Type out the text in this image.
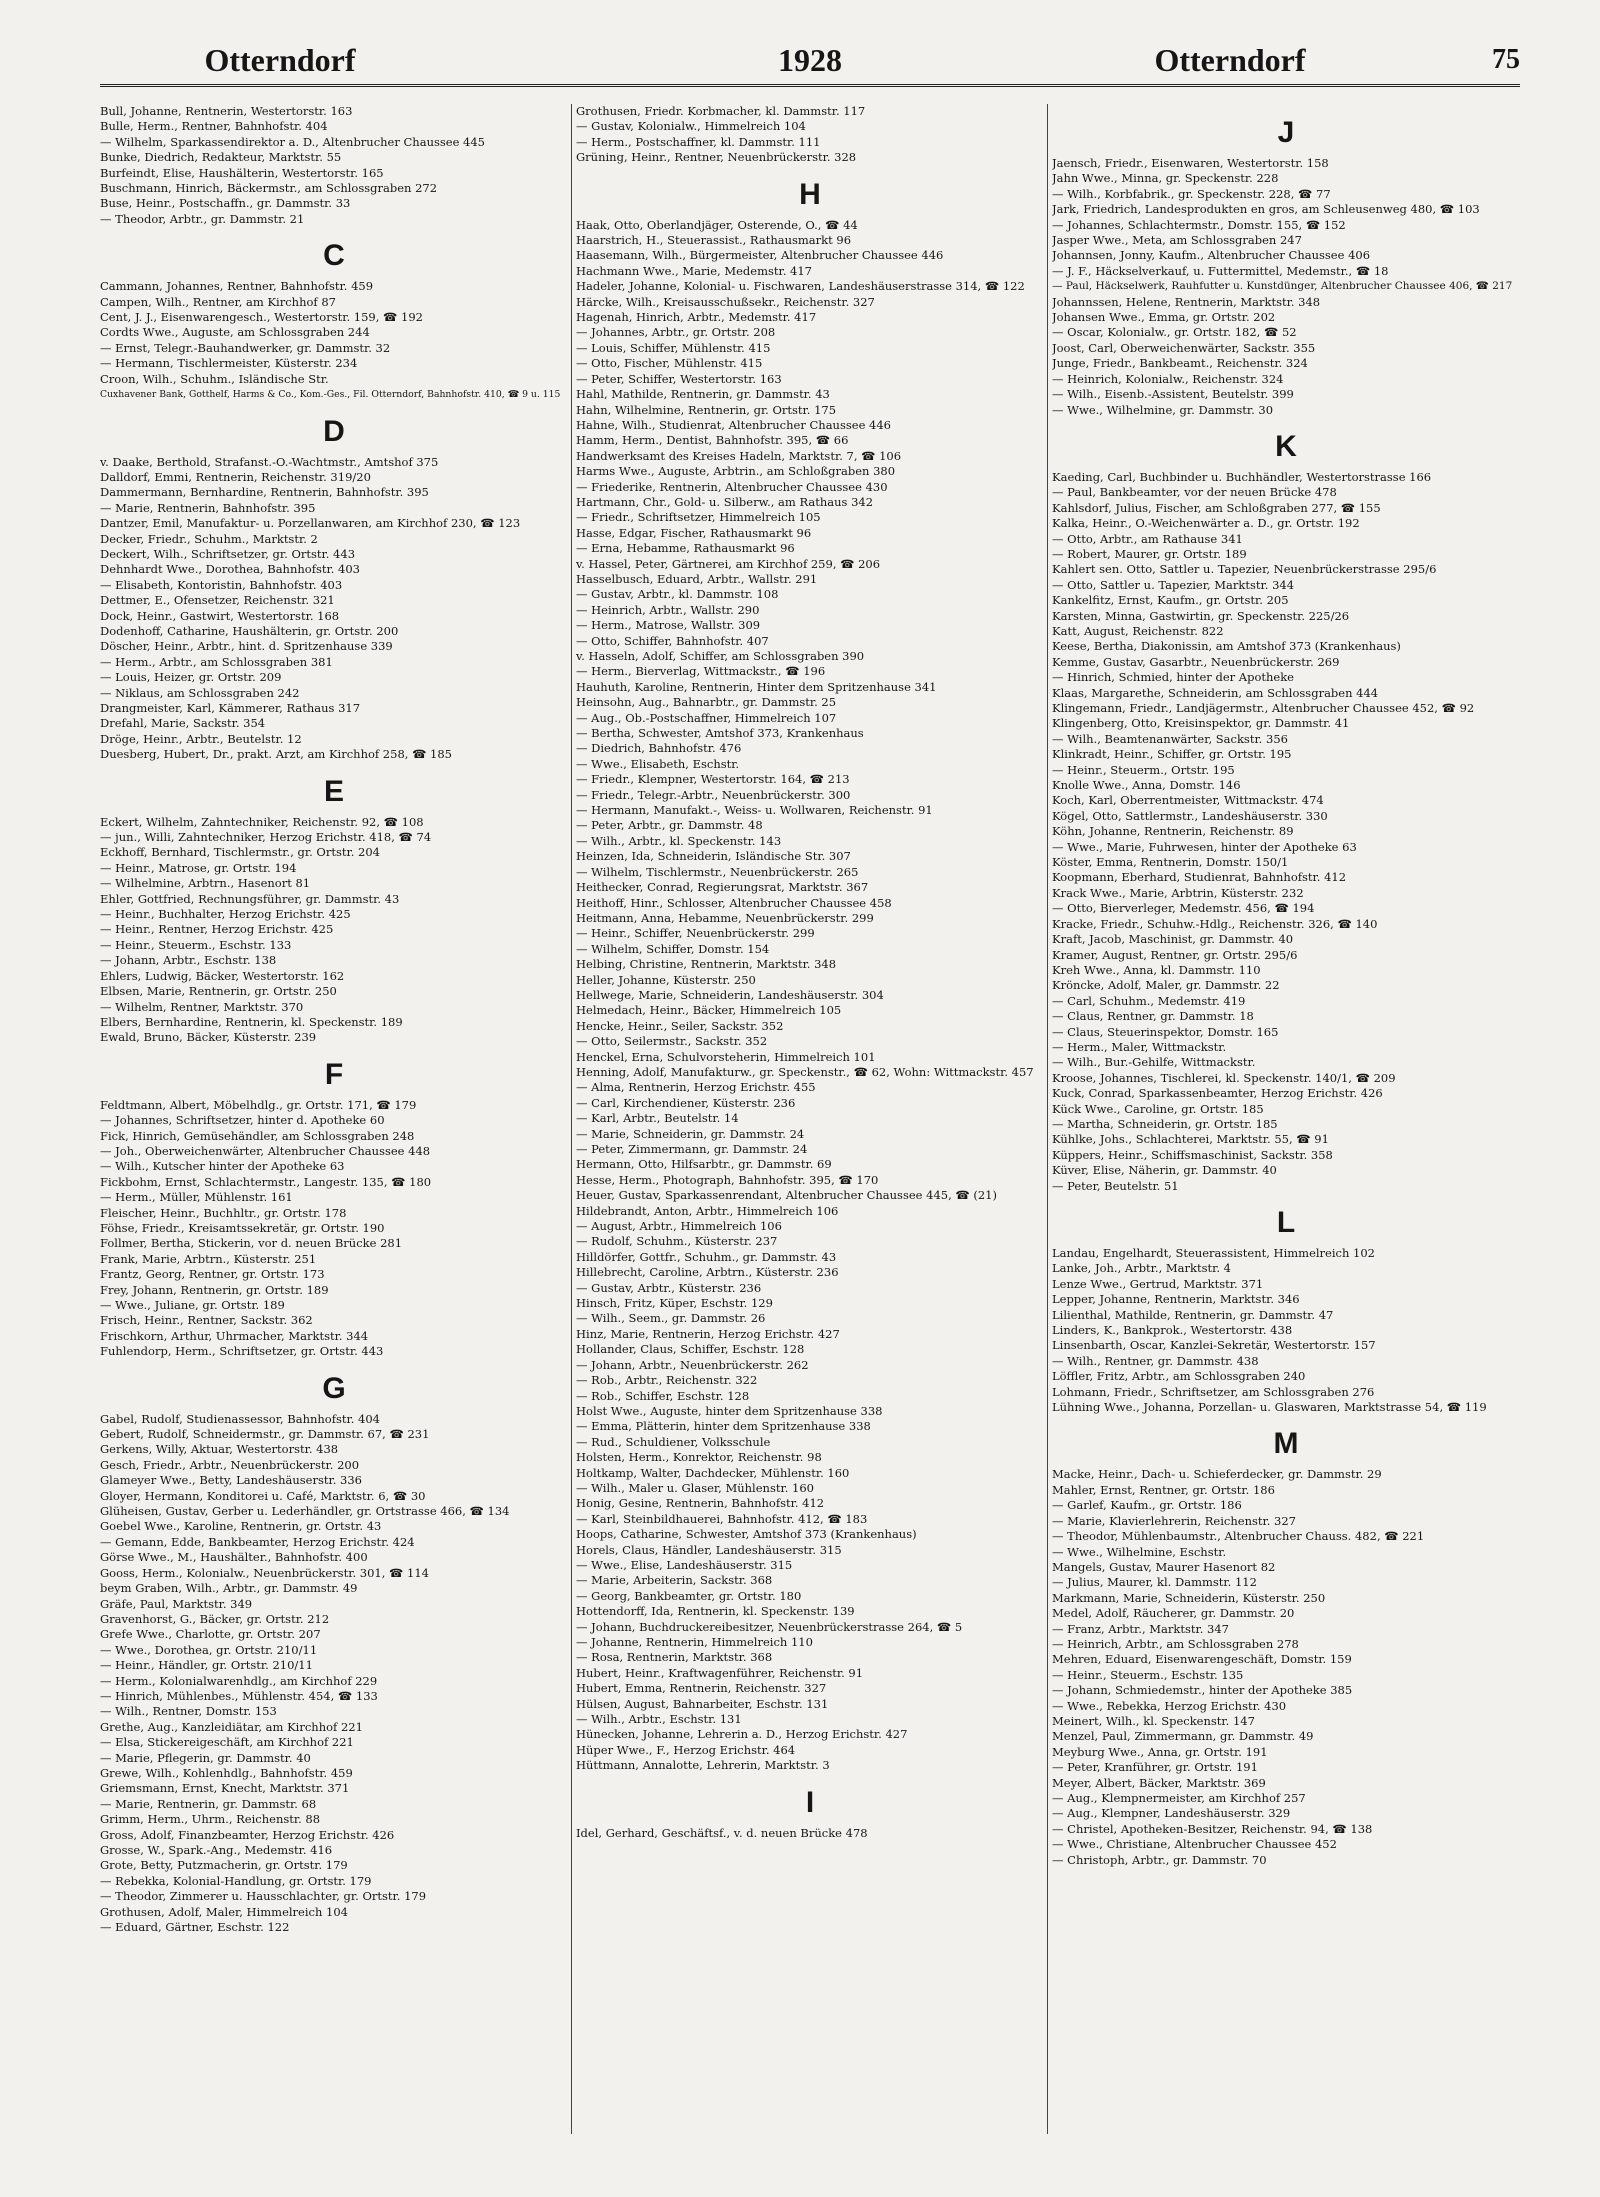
Otterndorf	1928	Otterndorf	75
Bull, Johanne, Rentnerin, Westertorstr. 163
Bulle, Herm., Rentner, Bahnhofstr. 404
— Wilhelm, Sparkassendirektor a. D., Altenbrucher Chaussee 445
Bunke, Diedrich, Redakteur, Marktstr. 55
Burfeindt, Elise, Haushälterin, Westertorstr. 165
Buschmann, Hinrich, Bäckermstr., am Schlossgraben 272
Buse, Heinr., Postschaffn., gr. Dammstr. 33
— Theodor, Arbtr., gr. Dammstr. 21
C
Cammann, Johannes, Rentner, Bahnhofstr. 459
Campen, Wilh., Rentner, am Kirchhof 87
Cent, J. J., Eisenwarengesch., Westertorstr. 159, ☎ 192
Cordts Wwe., Auguste, am Schlossgraben 244
— Ernst, Telegr.-Bauhandwerker, gr. Dammstr. 32
— Hermann, Tischlermeister, Küsterstr. 234
Croon, Wilh., Schuhm., Isländische Str.
Cuxhavener Bank, Gotthelf, Harms & Co., Kom.-Ges., Fil. Otterndorf, Bahnhofstr. 410, ☎ 9 u. 115
D
v. Daake, Berthold, Strafanst.-O.-Wachtmstr., Amtshof 375
Dalldorf, Emmi, Rentnerin, Reichenstr. 319/20
Dammermann, Bernhardine, Rentnerin, Bahnhofstr. 395
— Marie, Rentnerin, Bahnhofstr. 395
Dantzer, Emil, Manufaktur- u. Porzellanwaren, am Kirchhof 230, ☎ 123
Decker, Friedr., Schuhm., Marktstr. 2
Deckert, Wilh., Schriftsetzer, gr. Ortstr. 443
Dehnhardt Wwe., Dorothea, Bahnhofstr. 403
— Elisabeth, Kontoristin, Bahnhofstr. 403
Dettmer, E., Ofensetzer, Reichenstr. 321
Dock, Heinr., Gastwirt, Westertorstr. 168
Dodenhoff, Catharine, Haushälterin, gr. Ortstr. 200
Döscher, Heinr., Arbtr., hint. d. Spritzenhause 339
— Herm., Arbtr., am Schlossgraben 381
— Louis, Heizer, gr. Ortstr. 209
— Niklaus, am Schlossgraben 242
Drangmeister, Karl, Kämmerer, Rathaus 317
Drefahl, Marie, Sackstr. 354
Dröge, Heinr., Arbtr., Beutelstr. 12
Duesberg, Hubert, Dr., prakt. Arzt, am Kirchhof 258, ☎ 185
E
Eckert, Wilhelm, Zahntechniker, Reichenstr. 92, ☎ 108
— jun., Willi, Zahntechniker, Herzog Erichstr. 418, ☎ 74
Eckhoff, Bernhard, Tischlermstr., gr. Ortstr. 204
— Heinr., Matrose, gr. Ortstr. 194
— Wilhelmine, Arbtrn., Hasenort 81
Ehler, Gottfried, Rechnungsführer, gr. Dammstr. 43
— Heinr., Buchhalter, Herzog Erichstr. 425
— Heinr., Rentner, Herzog Erichstr. 425
— Heinr., Steuerm., Eschstr. 133
— Johann, Arbtr., Eschstr. 138
Ehlers, Ludwig, Bäcker, Westertorstr. 162
Elbsen, Marie, Rentnerin, gr. Ortstr. 250
— Wilhelm, Rentner, Marktstr. 370
Elbers, Bernhardine, Rentnerin, kl. Speckenstr. 189
Ewald, Bruno, Bäcker, Küsterstr. 239
F
Feldtmann, Albert, Möbelhdlg., gr. Ortstr. 171, ☎ 179
— Johannes, Schriftsetzer, hinter d. Apotheke 60
Fick, Hinrich, Gemüsehändler, am Schlossgraben 248
— Joh., Oberweichenwärter, Altenbrucher Chaussee 448
— Wilh., Kutscher hinter der Apotheke 63
Fickbohm, Ernst, Schlachtermstr., Langestr. 135, ☎ 180
— Herm., Müller, Mühlenstr. 161
Fleischer, Heinr., Buchhltr., gr. Ortstr. 178
Föhse, Friedr., Kreisamtssekretär, gr. Ortstr. 190
Follmer, Bertha, Stickerin, vor d. neuen Brücke 281
Frank, Marie, Arbtrn., Küsterstr. 251
Frantz, Georg, Rentner, gr. Ortstr. 173
Frey, Johann, Rentnerin, gr. Ortstr. 189
— Wwe., Juliane, gr. Ortstr. 189
Frisch, Heinr., Rentner, Sackstr. 362
Frischkorn, Arthur, Uhrmacher, Marktstr. 344
Fuhlendorp, Herm., Schriftsetzer, gr. Ortstr. 443
G
Gabel, Rudolf, Studienassessor, Bahnhofstr. 404
Gebert, Rudolf, Schneidermstr., gr. Dammstr. 67, ☎ 231
Gerkens, Willy, Aktuar, Westertorstr. 438
Gesch, Friedr., Arbtr., Neuenbrückerstr. 200
Glameyer Wwe., Betty, Landeshäuserstr. 336
Gloyer, Hermann, Konditorei u. Café, Marktstr. 6, ☎ 30
Glüheisen, Gustav, Gerber u. Lederhändler, gr. Ortstrasse 466, ☎ 134
Goebel Wwe., Karoline, Rentnerin, gr. Ortstr. 43
— Gemann, Edde, Bankbeamter, Herzog Erichstr. 424
Görse Wwe., M., Haushälter., Bahnhofstr. 400
Gooss, Herm., Kolonialw., Neuenbrückerstr. 301, ☎ 114
beym Graben, Wilh., Arbtr., gr. Dammstr. 49
Gräfe, Paul, Marktstr. 349
Gravenhorst, G., Bäcker, gr. Ortstr. 212
Grefe Wwe., Charlotte, gr. Ortstr. 207
— Wwe., Dorothea, gr. Ortstr. 210/11
— Heinr., Händler, gr. Ortstr. 210/11
— Herm., Kolonialwarenhdlg., am Kirchhof 229
— Hinrich, Mühlenbes., Mühlenstr. 454, ☎ 133
— Wilh., Rentner, Domstr. 153
Grethe, Aug., Kanzleidiätar, am Kirchhof 221
— Elsa, Stickereigeschäft, am Kirchhof 221
— Marie, Pflegerin, gr. Dammstr. 40
Grewe, Wilh., Kohlenhdlg., Bahnhofstr. 459
Griemsmann, Ernst, Knecht, Marktstr. 371
— Marie, Rentnerin, gr. Dammstr. 68
Grimm, Herm., Uhrm., Reichenstr. 88
Gross, Adolf, Finanzbeamter, Herzog Erichstr. 426
Grosse, W., Spark.-Ang., Medemstr. 416
Grote, Betty, Putzmacherin, gr. Ortstr. 179
— Rebekka, Kolonial-Handlung, gr. Ortstr. 179
— Theodor, Zimmerer u. Hausschlachter, gr. Ortstr. 179
Grothusen, Adolf, Maler, Himmelreich 104
— Eduard, Gärtner, Eschstr. 122
Grothusen, Friedr. Korbmacher, kl. Dammstr. 117
— Gustav, Kolonialw., Himmelreich 104
— Herm., Postschaffner, kl. Dammstr. 111
Grüning, Heinr., Rentner, Neuenbrückerstr. 328
H
Haak, Otto, Oberlandjäger, Osterende, O., ☎ 44
Haarstrich, H., Steuerassist., Rathausmarkt 96
Haasemann, Wilh., Bürgermeister, Altenbrucher Chaussee 446
Hachmann Wwe., Marie, Medemstr. 417
Hadeler, Johanne, Kolonial- u. Fischwaren, Landeshäuserstrasse 314, ☎ 122
Härcke, Wilh., Kreisausschußsekr., Reichenstr. 327
Hagenah, Hinrich, Arbtr., Medemstr. 417
— Johannes, Arbtr., gr. Ortstr. 208
— Louis, Schiffer, Mühlenstr. 415
— Otto, Fischer, Mühlenstr. 415
— Peter, Schiffer, Westertorstr. 163
Hahl, Mathilde, Rentnerin, gr. Dammstr. 43
Hahn, Wilhelmine, Rentnerin, gr. Ortstr. 175
Hahne, Wilh., Studienrat, Altenbrucher Chaussee 446
Hamm, Herm., Dentist, Bahnhofstr. 395, ☎ 66
Handwerksamt des Kreises Hadeln, Marktstr. 7, ☎ 106
Harms Wwe., Auguste, Arbtrin., am Schloßgraben 380
— Friederike, Rentnerin, Altenbrucher Chaussee 430
Hartmann, Chr., Gold- u. Silberw., am Rathaus 342
— Friedr., Schriftsetzer, Himmelreich 105
Hasse, Edgar, Fischer, Rathausmarkt 96
— Erna, Hebamme, Rathausmarkt 96
v. Hassel, Peter, Gärtnerei, am Kirchhof 259, ☎ 206
Hasselbusch, Eduard, Arbtr., Wallstr. 291
— Gustav, Arbtr., kl. Dammstr. 108
— Heinrich, Arbtr., Wallstr. 290
— Herm., Matrose, Wallstr. 309
— Otto, Schiffer, Bahnhofstr. 407
v. Hasseln, Adolf, Schiffer, am Schlossgraben 390
— Herm., Bierverlag, Wittmackstr., ☎ 196
Hauhuth, Karoline, Rentnerin, Hinter dem Spritzenhause 341
Heinsohn, Aug., Bahnarbtr., gr. Dammstr. 25
— Aug., Ob.-Postschaffner, Himmelreich 107
— Bertha, Schwester, Amtshof 373, Krankenhaus
— Diedrich, Bahnhofstr. 476
— Wwe., Elisabeth, Eschstr.
— Friedr., Klempner, Westertorstr. 164, ☎ 213
— Friedr., Telegr.-Arbtr., Neuenbrückerstr. 300
— Hermann, Manufakt.-, Weiss- u. Wollwaren, Reichenstr. 91
— Peter, Arbtr., gr. Dammstr. 48
— Wilh., Arbtr., kl. Speckenstr. 143
Heinzen, Ida, Schneiderin, Isländische Str. 307
— Wilhelm, Tischlermstr., Neuenbrückerstr. 265
Heithecker, Conrad, Regierungsrat, Marktstr. 367
Heithoff, Hinr., Schlosser, Altenbrucher Chaussee 458
Heitmann, Anna, Hebamme, Neuenbrückerstr. 299
— Heinr., Schiffer, Neuenbrückerstr. 299
— Wilhelm, Schiffer, Domstr. 154
Helbing, Christine, Rentnerin, Marktstr. 348
Heller, Johanne, Küsterstr. 250
Hellwege, Marie, Schneiderin, Landeshäuserstr. 304
Helmedach, Heinr., Bäcker, Himmelreich 105
Hencke, Heinr., Seiler, Sackstr. 352
— Otto, Seilermstr., Sackstr. 352
Henckel, Erna, Schulvorsteherin, Himmelreich 101
Henning, Adolf, Manufakturw., gr. Speckenstr., ☎ 62, Wohn: Wittmackstr. 457
— Alma, Rentnerin, Herzog Erichstr. 455
— Carl, Kirchendiener, Küsterstr. 236
— Karl, Arbtr., Beutelstr. 14
— Marie, Schneiderin, gr. Dammstr. 24
— Peter, Zimmermann, gr. Dammstr. 24
Hermann, Otto, Hilfsarbtr., gr. Dammstr. 69
Hesse, Herm., Photograph, Bahnhofstr. 395, ☎ 170
Heuer, Gustav, Sparkassenrendant, Altenbrucher Chaussee 445, ☎ (21)
Hildebrandt, Anton, Arbtr., Himmelreich 106
— August, Arbtr., Himmelreich 106
— Rudolf, Schuhm., Küsterstr. 237
Hilldörfer, Gottfr., Schuhm., gr. Dammstr. 43
Hillebrecht, Caroline, Arbtrn., Küsterstr. 236
— Gustav, Arbtr., Küsterstr. 236
Hinsch, Fritz, Küper, Eschstr. 129
— Wilh., Seem., gr. Dammstr. 26
Hinz, Marie, Rentnerin, Herzog Erichstr. 427
Hollander, Claus, Schiffer, Eschstr. 128
— Johann, Arbtr., Neuenbrückerstr. 262
— Rob., Arbtr., Reichenstr. 322
— Rob., Schiffer, Eschstr. 128
Holst Wwe., Auguste, hinter dem Spritzenhause 338
— Emma, Plätterin, hinter dem Spritzenhause 338
— Rud., Schuldiener, Volksschule
Holsten, Herm., Konrektor, Reichenstr. 98
Holtkamp, Walter, Dachdecker, Mühlenstr. 160
— Wilh., Maler u. Glaser, Mühlenstr. 160
Honig, Gesine, Rentnerin, Bahnhofstr. 412
— Karl, Steinbildhauerei, Bahnhofstr. 412, ☎ 183
Hoops, Catharine, Schwester, Amtshof 373 (Krankenhaus)
Horels, Claus, Händler, Landeshäuserstr. 315
— Wwe., Elise, Landeshäuserstr. 315
— Marie, Arbeiterin, Sackstr. 368
— Georg, Bankbeamter, gr. Ortstr. 180
Hottendorff, Ida, Rentnerin, kl. Speckenstr. 139
— Johann, Buchdruckereibesitzer, Neuenbrückerstrasse 264, ☎ 5
— Johanne, Rentnerin, Himmelreich 110
— Rosa, Rentnerin, Marktstr. 368
Hubert, Heinr., Kraftwagenführer, Reichenstr. 91
Hubert, Emma, Rentnerin, Reichenstr. 327
Hülsen, August, Bahnarbeiter, Eschstr. 131
— Wilh., Arbtr., Eschstr. 131
Hünecken, Johanne, Lehrerin a. D., Herzog Erichstr. 427
Hüper Wwe., F., Herzog Erichstr. 464
Hüttmann, Annalotte, Lehrerin, Marktstr. 3
I
Idel, Gerhard, Geschäftsf., v. d. neuen Brücke 478
J
Jaensch, Friedr., Eisenwaren, Westertorstr. 158
Jahn Wwe., Minna, gr. Speckenstr. 228
— Wilh., Korbfabrik., gr. Speckenstr. 228, ☎ 77
Jark, Friedrich, Landesprodukten en gros, am Schleusenweg 480, ☎ 103
— Johannes, Schlachtermstr., Domstr. 155, ☎ 152
Jasper Wwe., Meta, am Schlossgraben 247
Johannsen, Jonny, Kaufm., Altenbrucher Chaussee 406
— J. F., Häckselverkauf, u. Futtermittel, Medemstr., ☎ 18
— Paul, Häckselwerk, Rauhfutter u. Kunstdünger, Altenbrucher Chaussee 406, ☎ 217
Johannssen, Helene, Rentnerin, Marktstr. 348
Johansen Wwe., Emma, gr. Ortstr. 202
— Oscar, Kolonialw., gr. Ortstr. 182, ☎ 52
Joost, Carl, Oberweichenwärter, Sackstr. 355
Junge, Friedr., Bankbeamt., Reichenstr. 324
— Heinrich, Kolonialw., Reichenstr. 324
— Wilh., Eisenb.-Assistent, Beutelstr. 399
— Wwe., Wilhelmine, gr. Dammstr. 30
K
Kaeding, Carl, Buchbinder u. Buchhändler, Westertorstrasse 166
— Paul, Bankbeamter, vor der neuen Brücke 478
Kahlsdorf, Julius, Fischer, am Schloßgraben 277, ☎ 155
Kalka, Heinr., O.-Weichenwärter a. D., gr. Ortstr. 192
— Otto, Arbtr., am Rathause 341
— Robert, Maurer, gr. Ortstr. 189
Kahlert sen. Otto, Sattler u. Tapezier, Neuenbrückerstrasse 295/6
— Otto, Sattler u. Tapezier, Marktstr. 344
Kankelfitz, Ernst, Kaufm., gr. Ortstr. 205
Karsten, Minna, Gastwirtin, gr. Speckenstr. 225/26
Katt, August, Reichenstr. 822
Keese, Bertha, Diakonissin, am Amtshof 373 (Krankenhaus)
Kemme, Gustav, Gasarbtr., Neuenbrückerstr. 269
— Hinrich, Schmied, hinter der Apotheke
Klaas, Margarethe, Schneiderin, am Schlossgraben 444
Klingemann, Friedr., Landjägermstr., Altenbrucher Chaussee 452, ☎ 92
Klingenberg, Otto, Kreisinspektor, gr. Dammstr. 41
— Wilh., Beamtenanwärter, Sackstr. 356
Klinkradt, Heinr., Schiffer, gr. Ortstr. 195
— Heinr., Steuerm., Ortstr. 195
Knolle Wwe., Anna, Domstr. 146
Koch, Karl, Oberrentmeister, Wittmackstr. 474
Kögel, Otto, Sattlermstr., Landeshäuserstr. 330
Köhn, Johanne, Rentnerin, Reichenstr. 89
— Wwe., Marie, Fuhrwesen, hinter der Apotheke 63
Köster, Emma, Rentnerin, Domstr. 150/1
Koopmann, Eberhard, Studienrat, Bahnhofstr. 412
Krack Wwe., Marie, Arbtrin, Küsterstr. 232
— Otto, Bierverleger, Medemstr. 456, ☎ 194
Kracke, Friedr., Schuhw.-Hdlg., Reichenstr. 326, ☎ 140
Kraft, Jacob, Maschinist, gr. Dammstr. 40
Kramer, August, Rentner, gr. Ortstr. 295/6
Kreh Wwe., Anna, kl. Dammstr. 110
Kröncke, Adolf, Maler, gr. Dammstr. 22
— Carl, Schuhm., Medemstr. 419
— Claus, Rentner, gr. Dammstr. 18
— Claus, Steuerinspektor, Domstr. 165
— Herm., Maler, Wittmackstr.
— Wilh., Bur.-Gehilfe, Wittmackstr.
Kroose, Johannes, Tischlerei, kl. Speckenstr. 140/1, ☎ 209
Kuck, Conrad, Sparkassenbeamter, Herzog Erichstr. 426
Kück Wwe., Caroline, gr. Ortstr. 185
— Martha, Schneiderin, gr. Ortstr. 185
Kühlke, Johs., Schlachterei, Marktstr. 55, ☎ 91
Küppers, Heinr., Schiffsmaschinist, Sackstr. 358
Küver, Elise, Näherin, gr. Dammstr. 40
— Peter, Beutelstr. 51
L
Landau, Engelhardt, Steuerassistent, Himmelreich 102
Lanke, Joh., Arbtr., Marktstr. 4
Lenze Wwe., Gertrud, Marktstr. 371
Lepper, Johanne, Rentnerin, Marktstr. 346
Lilienthal, Mathilde, Rentnerin, gr. Dammstr. 47
Linders, K., Bankprok., Westertorstr. 438
Linsenbarth, Oscar, Kanzlei-Sekretär, Westertorstr. 157
— Wilh., Rentner, gr. Dammstr. 438
Löffler, Fritz, Arbtr., am Schlossgraben 240
Lohmann, Friedr., Schriftsetzer, am Schlossgraben 276
Lühning Wwe., Johanna, Porzellan- u. Glaswaren, Marktstrasse 54, ☎ 119
M
Macke, Heinr., Dach- u. Schieferdecker, gr. Dammstr. 29
Mahler, Ernst, Rentner, gr. Ortstr. 186
— Garlef, Kaufm., gr. Ortstr. 186
— Marie, Klavierlehrerin, Reichenstr. 327
— Theodor, Mühlenbaumstr., Altenbrucher Chauss. 482, ☎ 221
— Wwe., Wilhelmine, Eschstr.
Mangels, Gustav, Maurer Hasenort 82
— Julius, Maurer, kl. Dammstr. 112
Markmann, Marie, Schneiderin, Küsterstr. 250
Medel, Adolf, Räucherer, gr. Dammstr. 20
— Franz, Arbtr., Marktstr. 347
— Heinrich, Arbtr., am Schlossgraben 278
Mehren, Eduard, Eisenwarengeschäft, Domstr. 159
— Heinr., Steuerm., Eschstr. 135
— Johann, Schmiedemstr., hinter der Apotheke 385
— Wwe., Rebekka, Herzog Erichstr. 430
Meinert, Wilh., kl. Speckenstr. 147
Menzel, Paul, Zimmermann, gr. Dammstr. 49
Meyburg Wwe., Anna, gr. Ortstr. 191
— Peter, Kranführer, gr. Ortstr. 191
Meyer, Albert, Bäcker, Marktstr. 369
— Aug., Klempnermeister, am Kirchhof 257
— Aug., Klempner, Landeshäuserstr. 329
— Christel, Apotheken-Besitzer, Reichenstr. 94, ☎ 138
— Wwe., Christiane, Altenbrucher Chaussee 452
— Christoph, Arbtr., gr. Dammstr. 70
